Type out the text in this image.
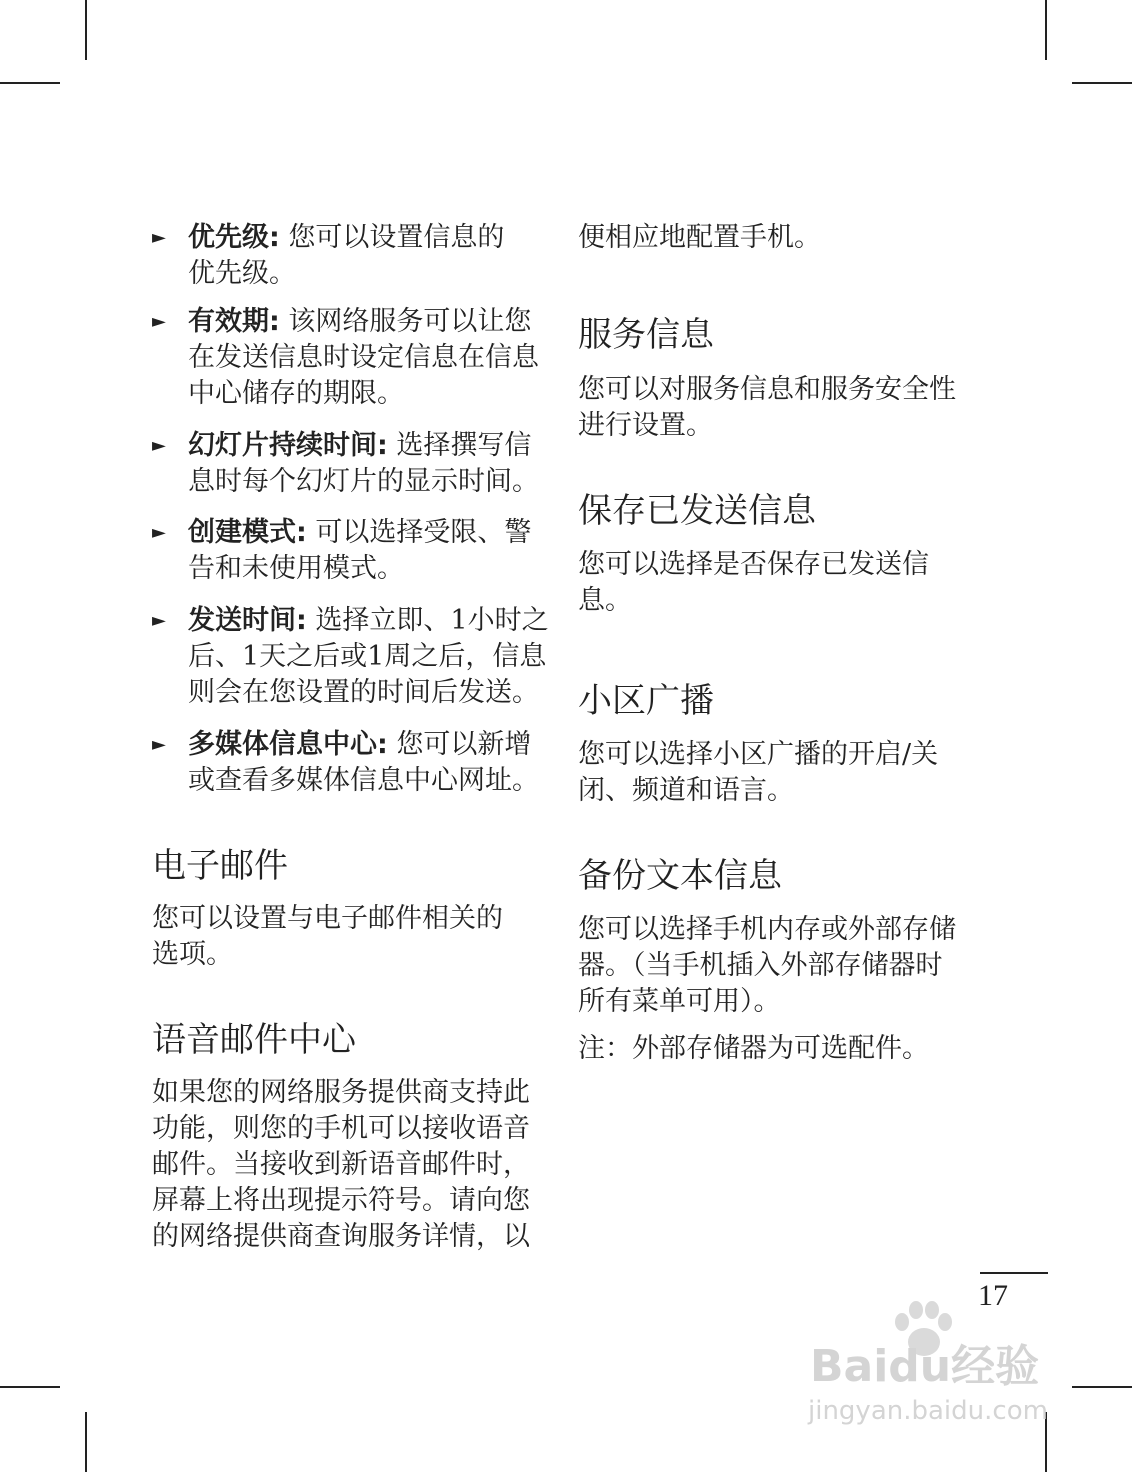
► 优先级: 您可以设置信息的
优先级。
► 有效期: 该网络服务可以让您
在发送信息时设定信息在信息
中心储存的期限。
► 幻灯片持续时间: 选择撰写信
息时每个幻灯片的显示时间。
► 创建模式: 可以选择受限、警
告和未使用模式。
► 发送时间: 选择立即、1小时之
后、1天之后或1周之后，信息
则会在您设置的时间后发送。
► 多媒体信息中心: 您可以新增
或查看多媒体信息中心网址。
电子邮件
您可以设置与电子邮件相关的
选项。
语音邮件中心
如果您的网络服务提供商支持此
功能，则您的手机可以接收语音
邮件。当接收到新语音邮件时，
屏幕上将出现提示符号。请向您
的网络提供商查询服务详情，以
便相应地配置手机。
服务信息
您可以对服务信息和服务安全性
进行设置。
保存已发送信息
您可以选择是否保存已发送信
息。
小区广播
您可以选择小区广播的开启/关
闭、频道和语言。
备份文本信息
您可以选择手机内存或外部存储
器。（当手机插入外部存储器时
所有菜单可用）。
注：外部存储器为可选配件。
17
Baidu经验
jingyan.baidu.com
